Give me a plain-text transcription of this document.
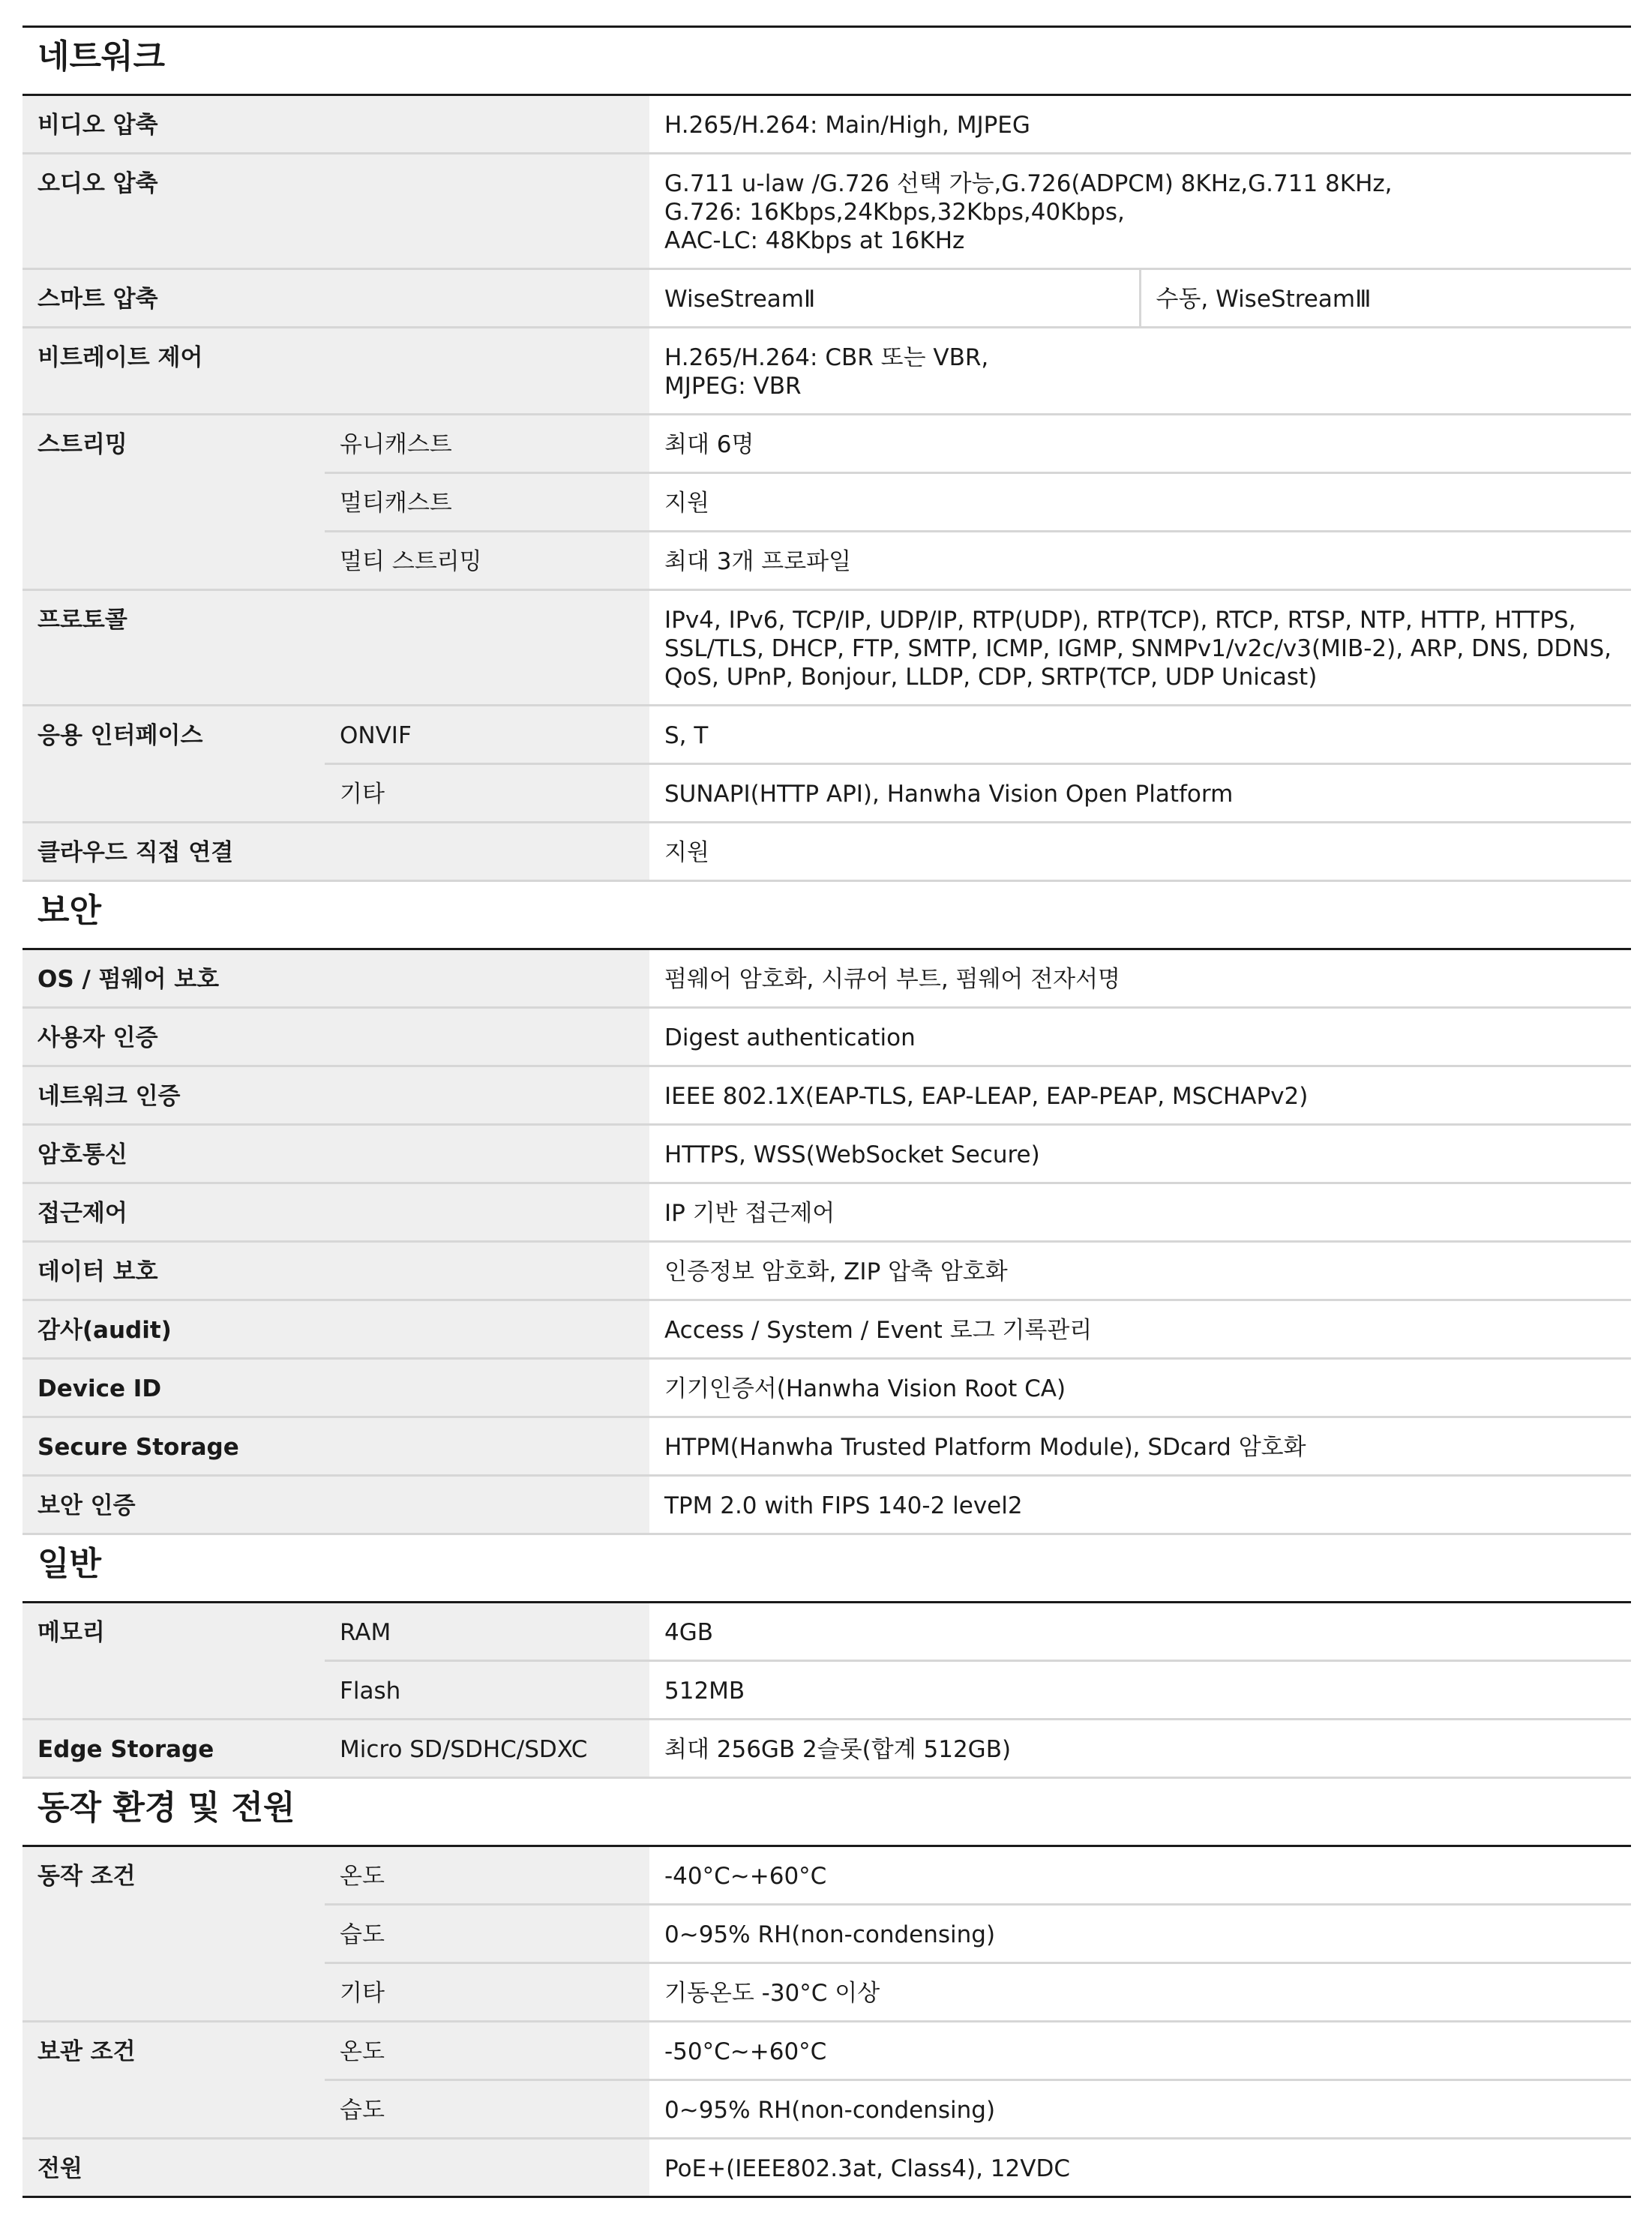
네트워크			
비디오 압축		H.265/H.264: Main/High, MJPEG	
오디오 압축		G.711 u-law /G.726 선택 가능,G.726(ADPCM) 8KHz,G.711 8KHz,
G.726: 16Kbps,24Kbps,32Kbps,40Kbps,
AAC-LC: 48Kbps at 16KHz	

스마트 압축		WiseStreamⅡ	수동, WiseStreamⅢ
비트레이트 제어		H.265/H.264: CBR 또는 VBR,
MJPEG: VBR	

스트리밍	유니캐스트	최대 6명	
	멀티캐스트	지원	
	멀티 스트리밍	최대 3개 프로파일	
프로토콜		IPv4, IPv6, TCP/IP, UDP/IP, RTP(UDP), RTP(TCP), RTCP, RTSP, NTP, HTTP, HTTPS,
SSL/TLS, DHCP, FTP, SMTP, ICMP, IGMP, SNMPv1/v2c/v3(MIB-2), ARP, DNS, DDNS,
QoS, UPnP, Bonjour, LLDP, CDP, SRTP(TCP, UDP Unicast)	

응용 인터페이스	ONVIF	S, T	
	기타	SUNAPI(HTTP API), Hanwha Vision Open Platform	
클라우드 직접 연결		지원	
보안			
OS / 펌웨어 보호		펌웨어 암호화, 시큐어 부트, 펌웨어 전자서명	
사용자 인증		Digest authentication	
네트워크 인증		IEEE 802.1X(EAP-TLS, EAP-LEAP, EAP-PEAP, MSCHAPv2)	
암호통신		HTTPS, WSS(WebSocket Secure)	
접근제어		IP 기반 접근제어	
데이터 보호		인증정보 암호화, ZIP 압축 암호화	
감사(audit)		Access / System / Event 로그 기록관리	
Device ID		기기인증서(Hanwha Vision Root CA)	
Secure Storage		HTPM(Hanwha Trusted Platform Module), SDcard 암호화	
보안 인증		TPM 2.0 with FIPS 140-2 level2	
일반			
메모리	RAM	4GB	
	Flash	512MB	
Edge Storage	Micro SD/SDHC/SDXC	최대 256GB 2슬롯(합계 512GB)	
동작 환경 및 전원			
동작 조건	온도	-40°C~+60°C	
	습도	0~95% RH(non-condensing)	
	기타	기동온도 -30°C 이상	
보관 조건	온도	-50°C~+60°C	
	습도	0~95% RH(non-condensing)	
전원		PoE+(IEEE802.3at, Class4), 12VDC	
